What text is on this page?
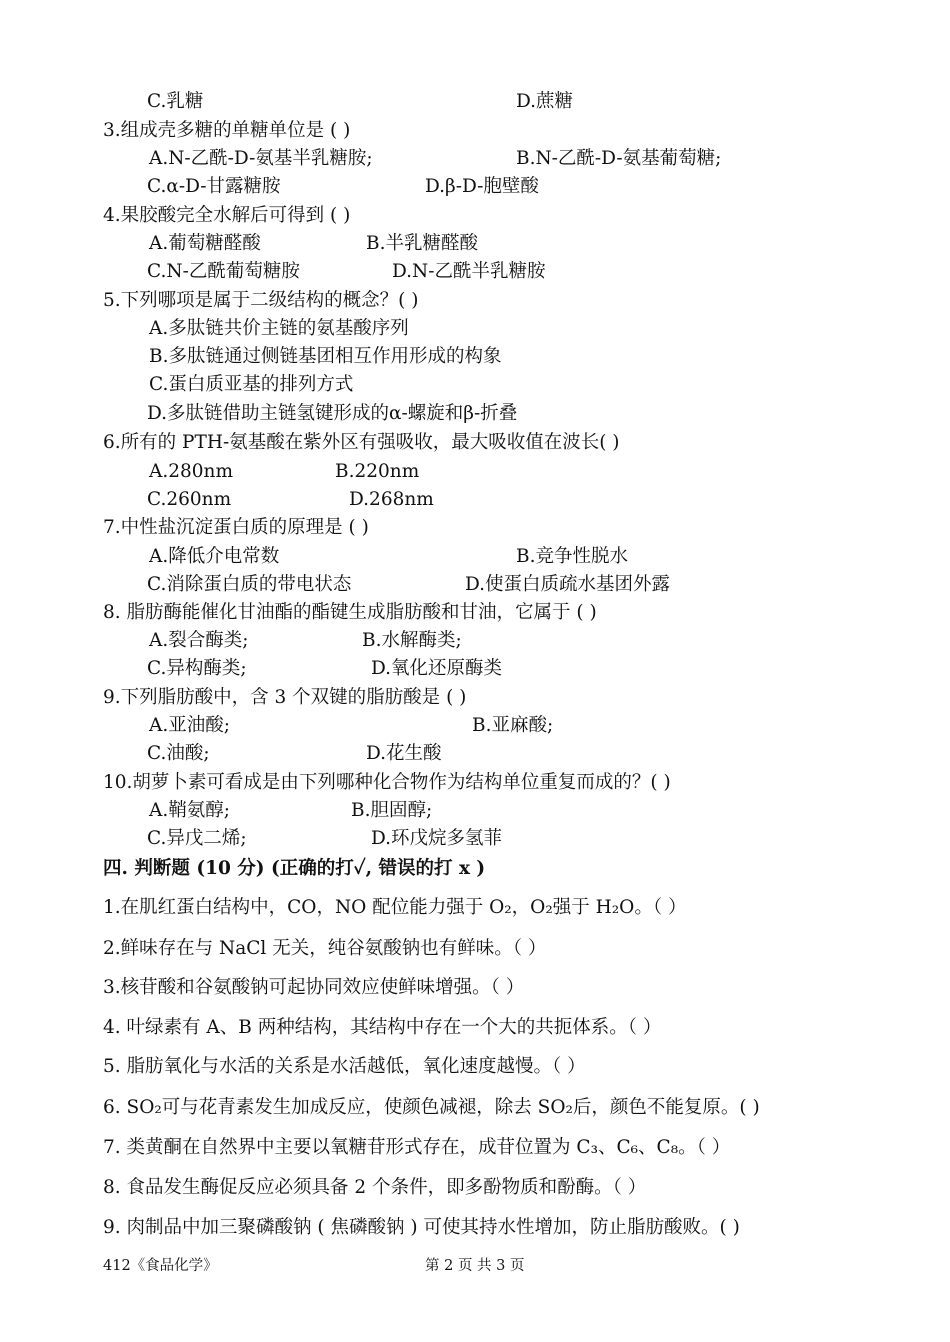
C.乳糖	D.蔗糖
3.组成壳多糖的单糖单位是 ( )
A.N-乙酰-D-氨基半乳糖胺;	B.N-乙酰-D-氨基葡萄糖;
C.α-D-甘露糖胺	D.β-D-胞壁酸
4.果胶酸完全水解后可得到 ( )
A.葡萄糖醛酸	B.半乳糖醛酸
C.N-乙酰葡萄糖胺	D.N-乙酰半乳糖胺
5.下列哪项是属于二级结构的概念？( )
A.多肽链共价主链的氨基酸序列
B.多肽链通过侧链基团相互作用形成的构象
C.蛋白质亚基的排列方式
D.多肽链借助主链氢键形成的α-螺旋和β-折叠
6.所有的 PTH-氨基酸在紫外区有强吸收，最大吸收值在波长( )
A.280nm	B.220nm
C.260nm	D.268nm
7.中性盐沉淀蛋白质的原理是 ( )
A.降低介电常数	B.竞争性脱水
C.消除蛋白质的带电状态	D.使蛋白质疏水基团外露
8. 脂肪酶能催化甘油酯的酯键生成脂肪酸和甘油，它属于 ( )
A.裂合酶类;	B.水解酶类;
C.异构酶类;	D.氧化还原酶类
9.下列脂肪酸中，含 3 个双键的脂肪酸是 ( )
A.亚油酸;	B.亚麻酸;
C.油酸;	D.花生酸
10.胡萝卜素可看成是由下列哪种化合物作为结构单位重复而成的？( )
A.鞘氨醇;	B.胆固醇;
C.异戊二烯;	D.环戊烷多氢菲
四. 判断题 (10 分) (正确的打✓, 错误的打 x )
1.在肌红蛋白结构中，CO，NO 配位能力强于 O₂，O₂强于 H₂O。（ ）
2.鲜味存在与 NaCl 无关，纯谷氨酸钠也有鲜味。（ ）
3.核苷酸和谷氨酸钠可起协同效应使鲜味增强。（ ）
4. 叶绿素有 A、B 两种结构，其结构中存在一个大的共扼体系。（ ）
5. 脂肪氧化与水活的关系是水活越低，氧化速度越慢。（ ）
6. SO₂可与花青素发生加成反应，使颜色减褪，除去 SO₂后，颜色不能复原。( )
7. 类黄酮在自然界中主要以氧糖苷形式存在，成苷位置为 C₃、C₆、C₈。（ ）
8. 食品发生酶促反应必须具备 2 个条件，即多酚物质和酚酶。（ ）
9. 肉制品中加三聚磷酸钠 ( 焦磷酸钠 ) 可使其持水性增加，防止脂肪酸败。( )
412《食品化学》	第 2 页 共 3 页
